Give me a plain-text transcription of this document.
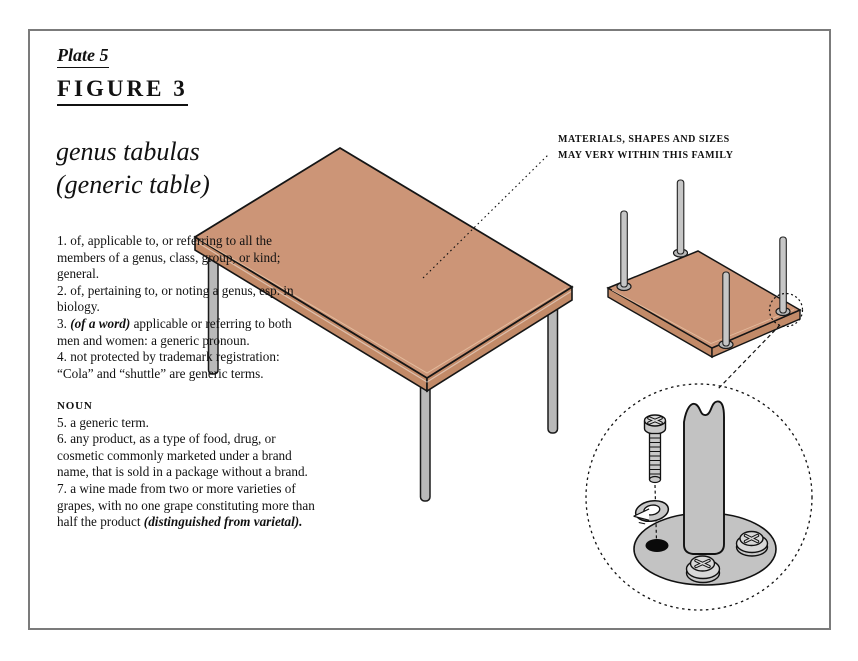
Plate 5
FIGURE 3
genus tabulas
(generic table)
1. of, applicable to, or referring to all the members of a genus, class, group, or kind; general.
2. of, pertaining to, or noting a genus, esp. in biology.
3. (of a word) applicable or referring to both men and women: a generic pronoun.
4. not protected by trademark registration: “Cola” and “shuttle” are generic terms.
NOUN
5. a generic term.
6. any product, as a type of food, drug, or cosmetic commonly marketed under a brand name, that is sold in a package without a brand.
7. a wine made from two or more varieties of grapes, with no one grape constituting more than half the product (distinguished from varietal).
MATERIALS, SHAPES AND SIZES
MAY VERY WITHIN THIS FAMILY
